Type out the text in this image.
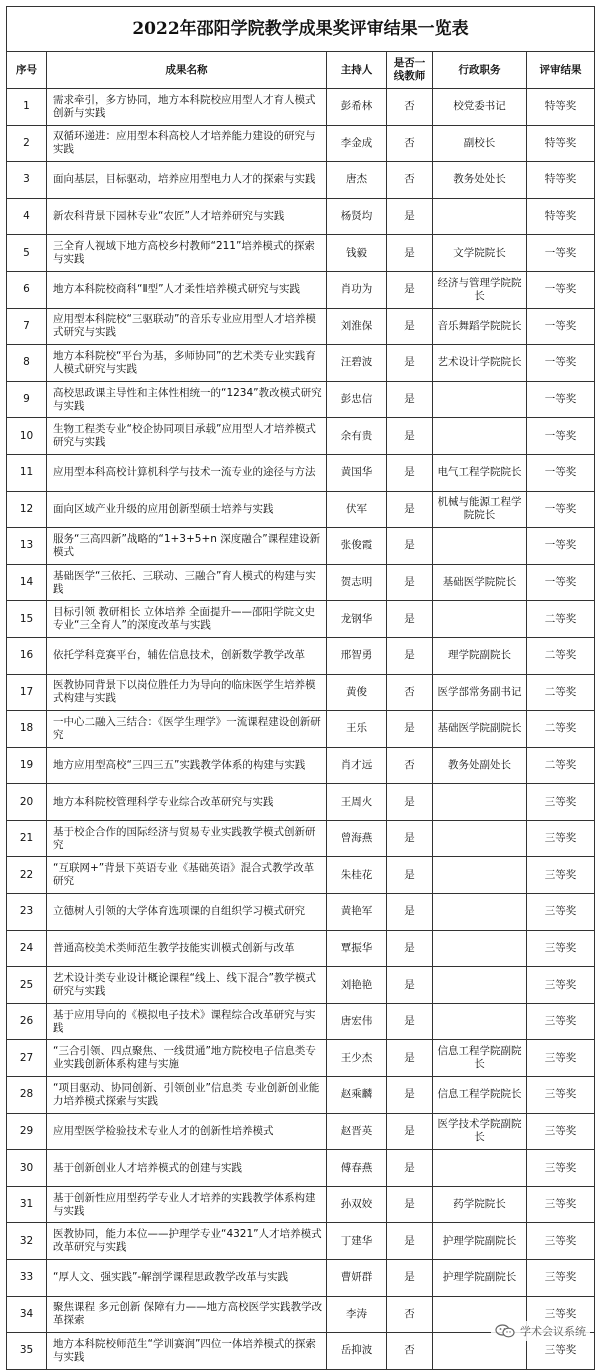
2022年邵阳学院教学成果奖评审结果一览表					
序号	成果名称	主持人	是否一线教师	行政职务	评审结果
1	需求牵引，多方协同，地方本科院校应用型人才育人模式创新与实践	彭希林	否	校党委书记	特等奖
2	双循环递进：应用型本科高校人才培养能力建设的研究与实践	李金成	否	副校长	特等奖
3	面向基层，目标驱动，培养应用型电力人才的探索与实践	唐杰	否	教务处处长	特等奖
4	新农科背景下园林专业“农匠”人才培养研究与实践	杨贤均	是		特等奖
5	三全育人视域下地方高校乡村教师“211”培养模式的探索与实践	钱毅	是	文学院院长	一等奖
6	地方本科院校商科“Ⅱ型”人才柔性培养模式研究与实践	肖功为	是	经济与管理学院院长	一等奖
7	应用型本科院校“三驱联动”的音乐专业应用型人才培养模式研究与实践	刘淮保	是	音乐舞蹈学院院长	一等奖
8	地方本科院校“平台为基，多师协同”的艺术类专业实践育人模式研究与实践	汪碧波	是	艺术设计学院院长	一等奖
9	高校思政课主导性和主体性相统一的“1234”教改模式研究与实践	彭忠信	是		一等奖
10	生物工程类专业“校企协同项目承载”应用型人才培养模式研究与实践	余有贵	是		一等奖
11	应用型本科高校计算机科学与技术一流专业的途径与方法	黄国华	是	电气工程学院院长	一等奖
12	面向区域产业升级的应用创新型硕士培养与实践	伏军	是	机械与能源工程学院院长	一等奖
13	服务“三高四新”战略的“1+3+5+n 深度融合”课程建设新模式	张俊霞	是		一等奖
14	基础医学“三依托、三联动、三融合”育人模式的构建与实践	贺志明	是	基础医学院院长	一等奖
15	目标引领 教研相长 立体培养 全面提升——邵阳学院文史专业“三全育人”的深度改革与实践	龙钢华	是		二等奖
16	依托学科竞赛平台，辅佐信息技术，创新数学教学改革	邢智勇	是	理学院副院长	二等奖
17	医教协同背景下以岗位胜任力为导向的临床医学生培养模式构建与实践	黄俊	否	医学部常务副书记	二等奖
18	一中心二融入三结合：《医学生理学》一流课程建设创新研究	王乐	是	基础医学院副院长	二等奖
19	地方应用型高校“三四三五”实践教学体系的构建与实践	肖才远	否	教务处副处长	二等奖
20	地方本科院校管理科学专业综合改革研究与实践	王周火	是		三等奖
21	基于校企合作的国际经济与贸易专业实践教学模式创新研究	曾海燕	是		三等奖
22	“互联网+”背景下英语专业《基础英语》混合式教学改革研究	朱桂花	是		三等奖
23	立德树人引领的大学体育选项课的自组织学习模式研究	黄艳军	是		三等奖
24	普通高校美术类师范生教学技能实训模式创新与改革	覃振华	是		三等奖
25	艺术设计类专业设计概论课程“线上、线下混合”教学模式研究与实践	刘艳艳	是		三等奖
26	基于应用导向的《模拟电子技术》课程综合改革研究与实践	唐宏伟	是		三等奖
27	“三合引领、四点聚焦、一线贯通”地方院校电子信息类专业实践创新体系构建与实施	王少杰	是	信息工程学院副院长	三等奖
28	“项目驱动、协同创新、引领创业”信息类 专业创新创业能力培养模式探索与实践	赵乘麟	是	信息工程学院院长	三等奖
29	应用型医学检验技术专业人才的创新性培养模式	赵晋英	是	医学技术学院副院长	三等奖
30	基于创新创业人才培养模式的创建与实践	傅春燕	是		三等奖
31	基于创新性应用型药学专业人才培养的实践教学体系构建与实践	孙双姣	是	药学院院长	三等奖
32	医教协同，能力本位——护理学专业“4321”人才培养模式改革研究与实践	丁建华	是	护理学院副院长	三等奖
33	“厚人文、强实践”-解剖学课程思政教学改革与实践	曹妍群	是	护理学院副院长	三等奖
34	聚焦课程 多元创新 保障有力——地方高校医学实践教学改革探索	李涛	否		三等奖
35	地方本科院校师范生“学训赛润”四位一体培养模式的探索与实践	岳抑波	否		三等奖
学术会议系统
